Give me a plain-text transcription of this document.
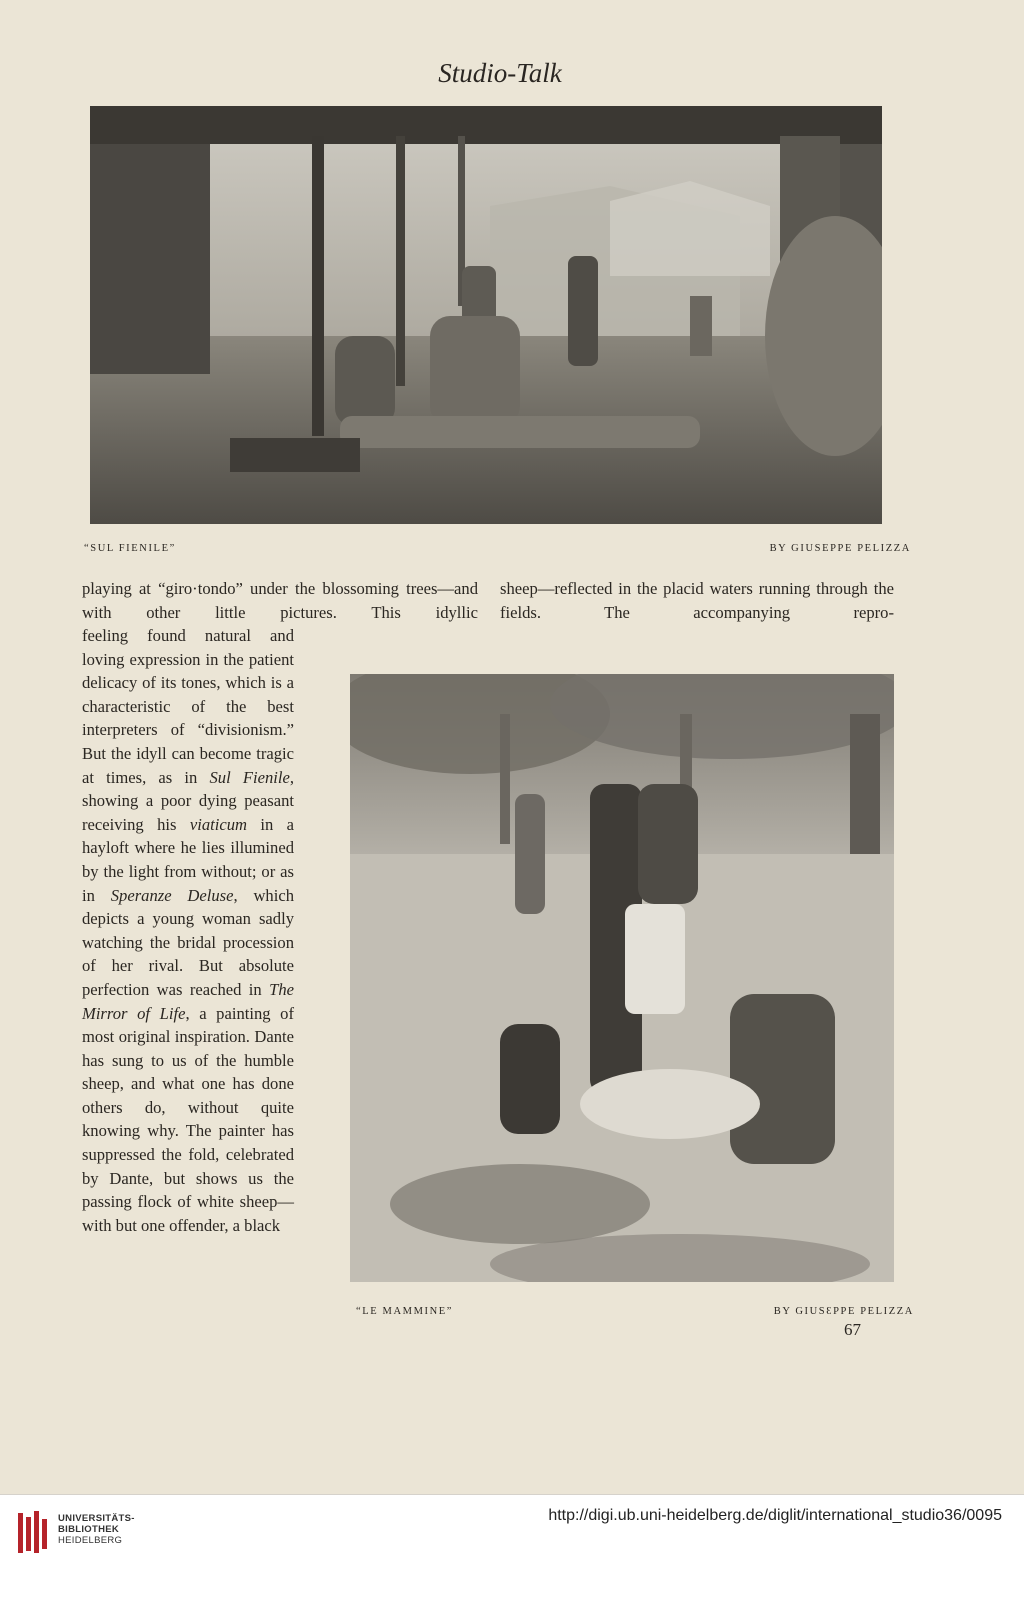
Studio-Talk
“SUL FIENILE”	BY GIUSEPPE PELIZZA

playing at “giro·tondo” under the blossoming trees—and with other little pictures. This idyllic

sheep—reflected in the placid waters running through the fields. The accompanying repro-

feeling found natural and loving expression in the patient delicacy of its tones, which is a characteristic of the best interpreters of “divisionism.” But the idyll can become tragic at times, as in Sul Fienile, showing a poor dying peasant receiving his viaticum in a hayloft where he lies illumined by the light from without; or as in Speranze Deluse, which depicts a young woman sadly watching the bridal procession of her rival. But absolute perfection was reached in The Mirror of Life, a painting of most original inspiration. Dante has sung to us of the humble sheep, and what one has done others do, without quite knowing why. The painter has suppressed the fold, celebrated by Dante, but shows us the passing flock of white sheep—with but one offender, a black

“LE MAMMINE”	BY GIUSƐPPE PELIZZA
67
UNIVERSITÄTS-
BIBLIOTHEK
HEIDELBERG
http://digi.ub.uni-heidelberg.de/diglit/international_studio36/0095
